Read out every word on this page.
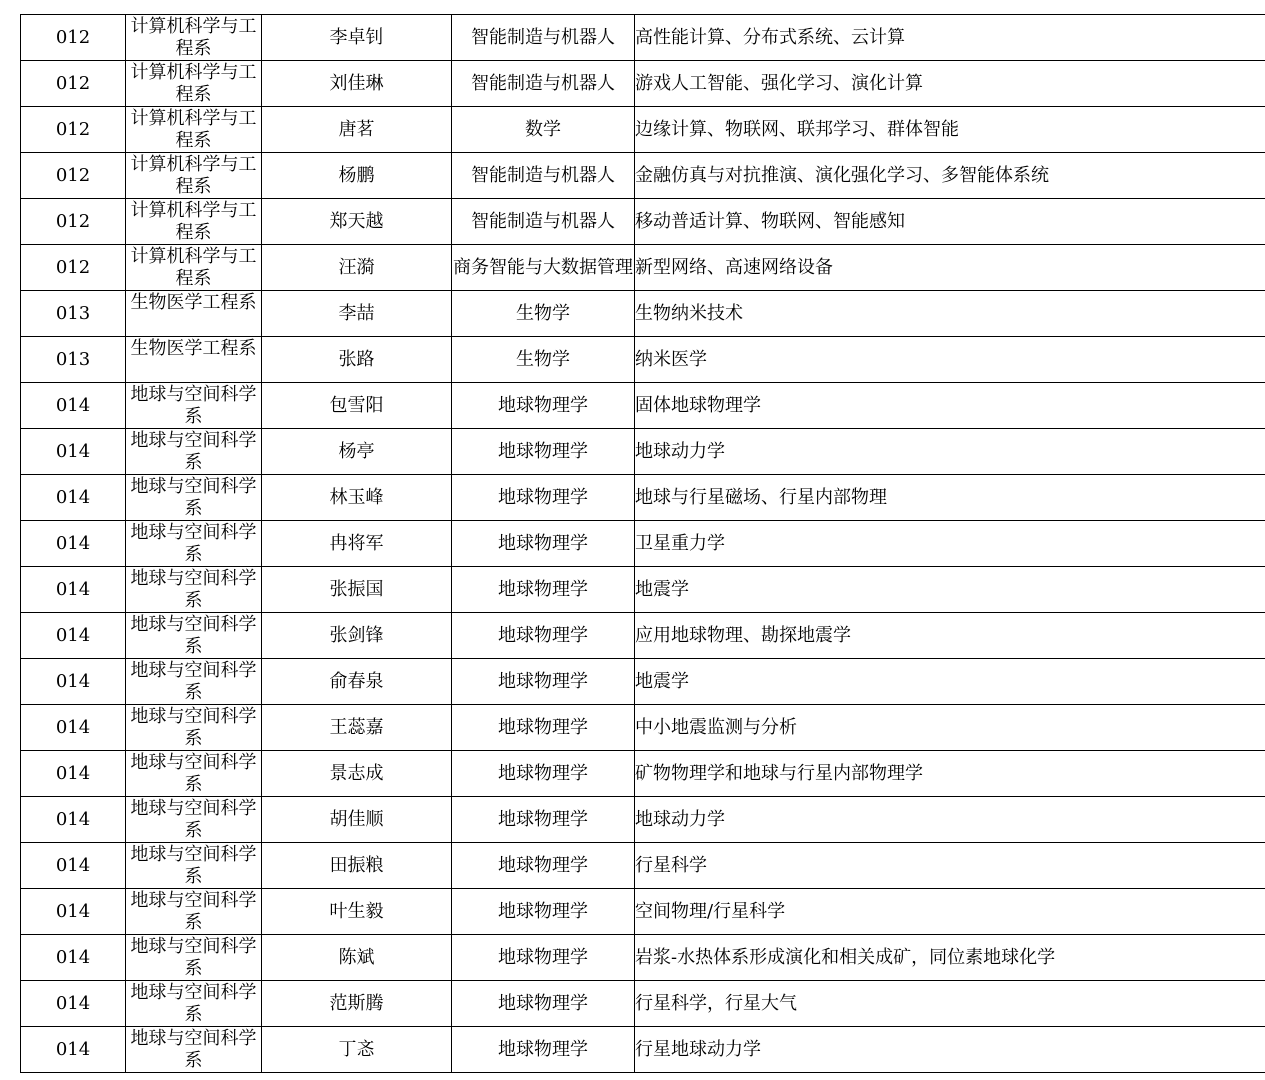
012	计算机科学与工程系	李卓钊	智能制造与机器人	高性能计算、分布式系统、云计算
012	计算机科学与工程系	刘佳琳	智能制造与机器人	游戏人工智能、强化学习、演化计算
012	计算机科学与工程系	唐茗	数学	边缘计算、物联网、联邦学习、群体智能
012	计算机科学与工程系	杨鹏	智能制造与机器人	金融仿真与对抗推演、演化强化学习、多智能体系统
012	计算机科学与工程系	郑天越	智能制造与机器人	移动普适计算、物联网、智能感知
012	计算机科学与工程系	汪漪	商务智能与大数据管理	新型网络、高速网络设备
013	生物医学工程系	李喆	生物学	生物纳米技术
013	生物医学工程系	张路	生物学	纳米医学
014	地球与空间科学系	包雪阳	地球物理学	固体地球物理学
014	地球与空间科学系	杨亭	地球物理学	地球动力学
014	地球与空间科学系	林玉峰	地球物理学	地球与行星磁场、行星内部物理
014	地球与空间科学系	冉将军	地球物理学	卫星重力学
014	地球与空间科学系	张振国	地球物理学	地震学
014	地球与空间科学系	张剑锋	地球物理学	应用地球物理、勘探地震学
014	地球与空间科学系	俞春泉	地球物理学	地震学
014	地球与空间科学系	王蕊嘉	地球物理学	中小地震监测与分析
014	地球与空间科学系	景志成	地球物理学	矿物物理学和地球与行星内部物理学
014	地球与空间科学系	胡佳顺	地球物理学	地球动力学
014	地球与空间科学系	田振粮	地球物理学	行星科学
014	地球与空间科学系	叶生毅	地球物理学	空间物理/行星科学
014	地球与空间科学系	陈斌	地球物理学	岩浆-水热体系形成演化和相关成矿，同位素地球化学
014	地球与空间科学系	范斯腾	地球物理学	行星科学，行星大气
014	地球与空间科学系	丁忞	地球物理学	行星地球动力学
